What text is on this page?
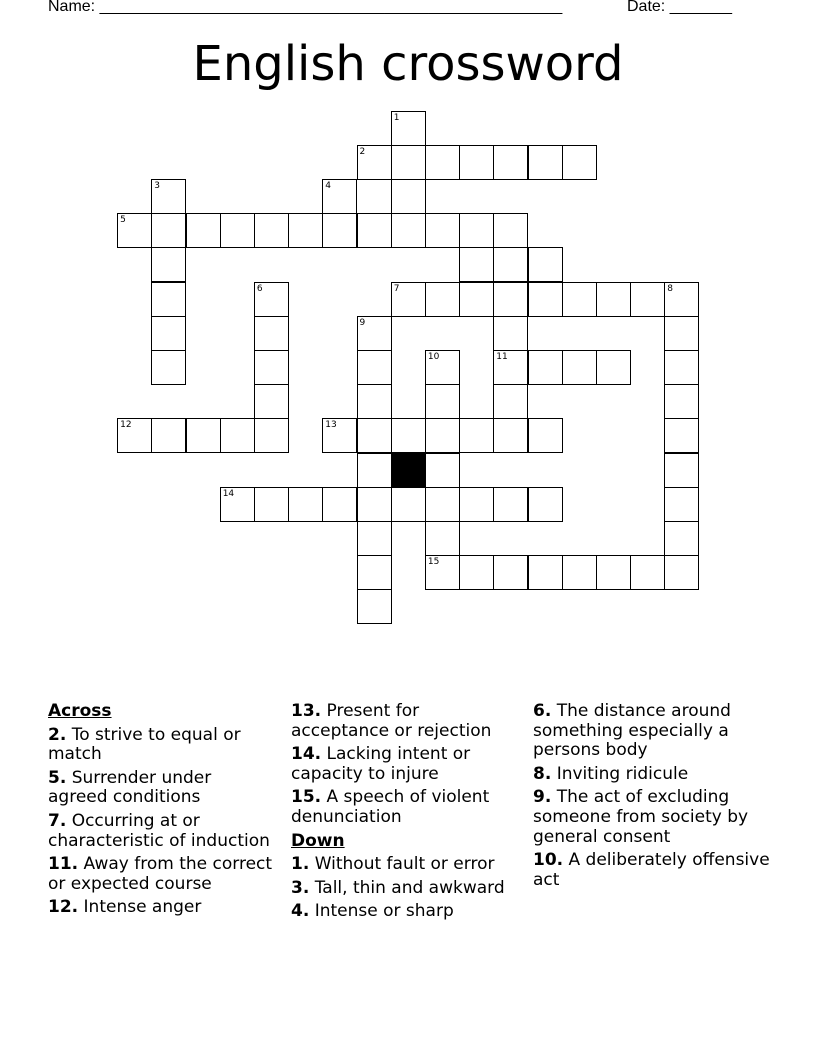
Name: ____________________________________________________	Date: _______
English crossword
1
2
3	4
5
6	7	8
9
10	11
12	13
14
15
Across
2. To strive to equal or match
5. Surrender under agreed conditions
7. Occurring at or characteristic of induction
11. Away from the correct or expected course
12. Intense anger
13. Present for acceptance or rejection
14. Lacking intent or capacity to injure
15. A speech of violent denunciation
Down
1. Without fault or error
3. Tall, thin and awkward
4. Intense or sharp
6. The distance around something especially a persons body
8. Inviting ridicule
9. The act of excluding someone from society by general consent
10. A deliberately offensive act
